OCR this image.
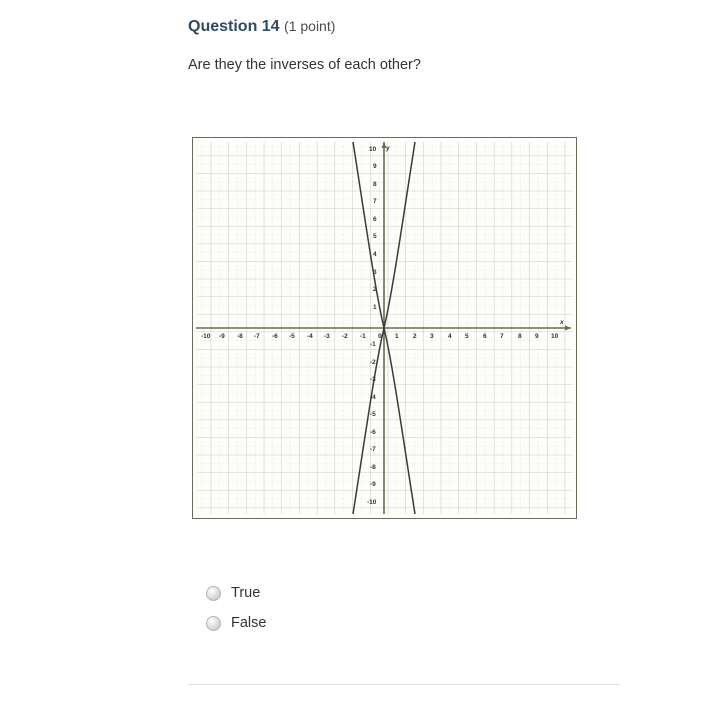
Question 14 (1 point)
Are they the inverses of each other?
-10 -9 -8 -7 -6 -5 -4 -3 -2 -1 0 1 2 3 4 5 6 7 8 9 10
10
9
8
7
6
5
4
3
2
1
-1
-2
-3
-4
-5
-6
-7
-8
-9
-10
y
x
True
False
